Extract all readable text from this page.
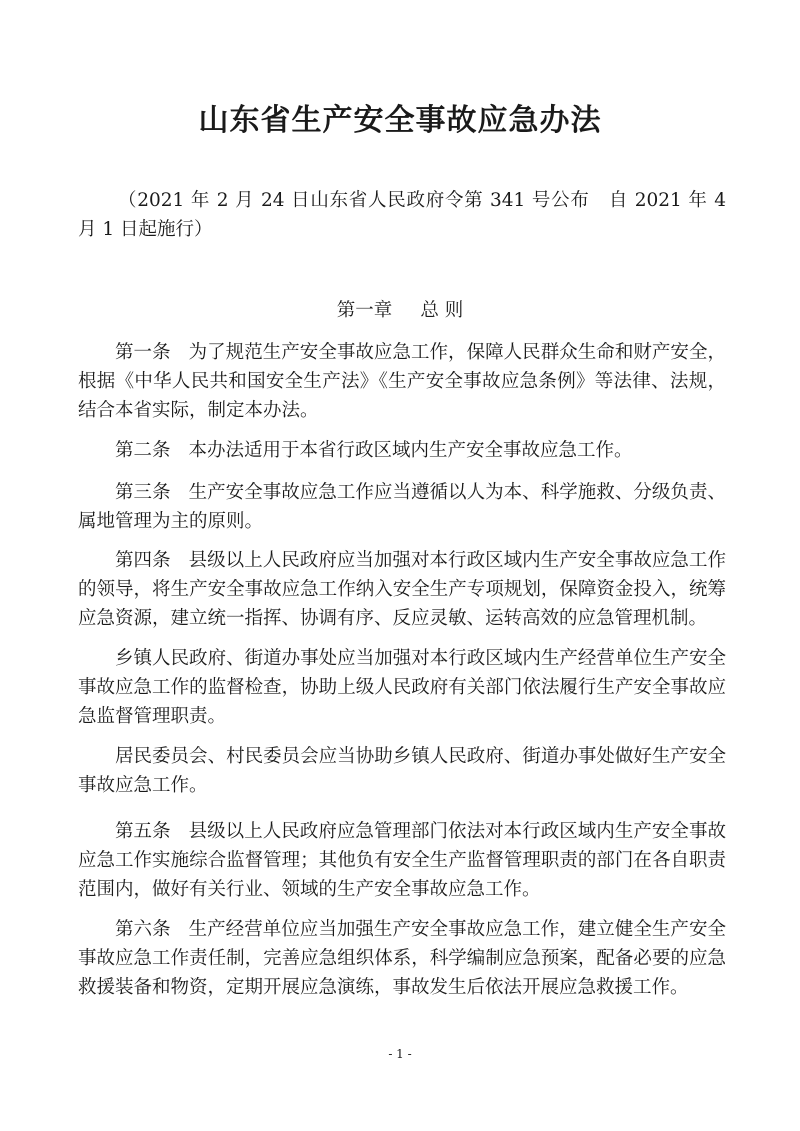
山东省生产安全事故应急办法

（2021 年 2 月 24 日山东省人民政府令第 341 号公布　自 2021 年 4 月 1 日起施行）

第一章 总 则

第一条 为了规范生产安全事故应急工作，保障人民群众生命和财产安全，根据《中华人民共和国安全生产法》《生产安全事故应急条例》等法律、法规，结合本省实际，制定本办法。

第二条 本办法适用于本省行政区域内生产安全事故应急工作。

第三条 生产安全事故应急工作应当遵循以人为本、科学施救、分级负责、属地管理为主的原则。

第四条 县级以上人民政府应当加强对本行政区域内生产安全事故应急工作的领导，将生产安全事故应急工作纳入安全生产专项规划，保障资金投入，统筹应急资源，建立统一指挥、协调有序、反应灵敏、运转高效的应急管理机制。

乡镇人民政府、街道办事处应当加强对本行政区域内生产经营单位生产安全事故应急工作的监督检查，协助上级人民政府有关部门依法履行生产安全事故应急监督管理职责。

居民委员会、村民委员会应当协助乡镇人民政府、街道办事处做好生产安全事故应急工作。

第五条 县级以上人民政府应急管理部门依法对本行政区域内生产安全事故应急工作实施综合监督管理；其他负有安全生产监督管理职责的部门在各自职责范围内，做好有关行业、领域的生产安全事故应急工作。

第六条 生产经营单位应当加强生产安全事故应急工作，建立健全生产安全事故应急工作责任制，完善应急组织体系，科学编制应急预案，配备必要的应急救援装备和物资，定期开展应急演练，事故发生后依法开展应急救援工作。

- 1 -
